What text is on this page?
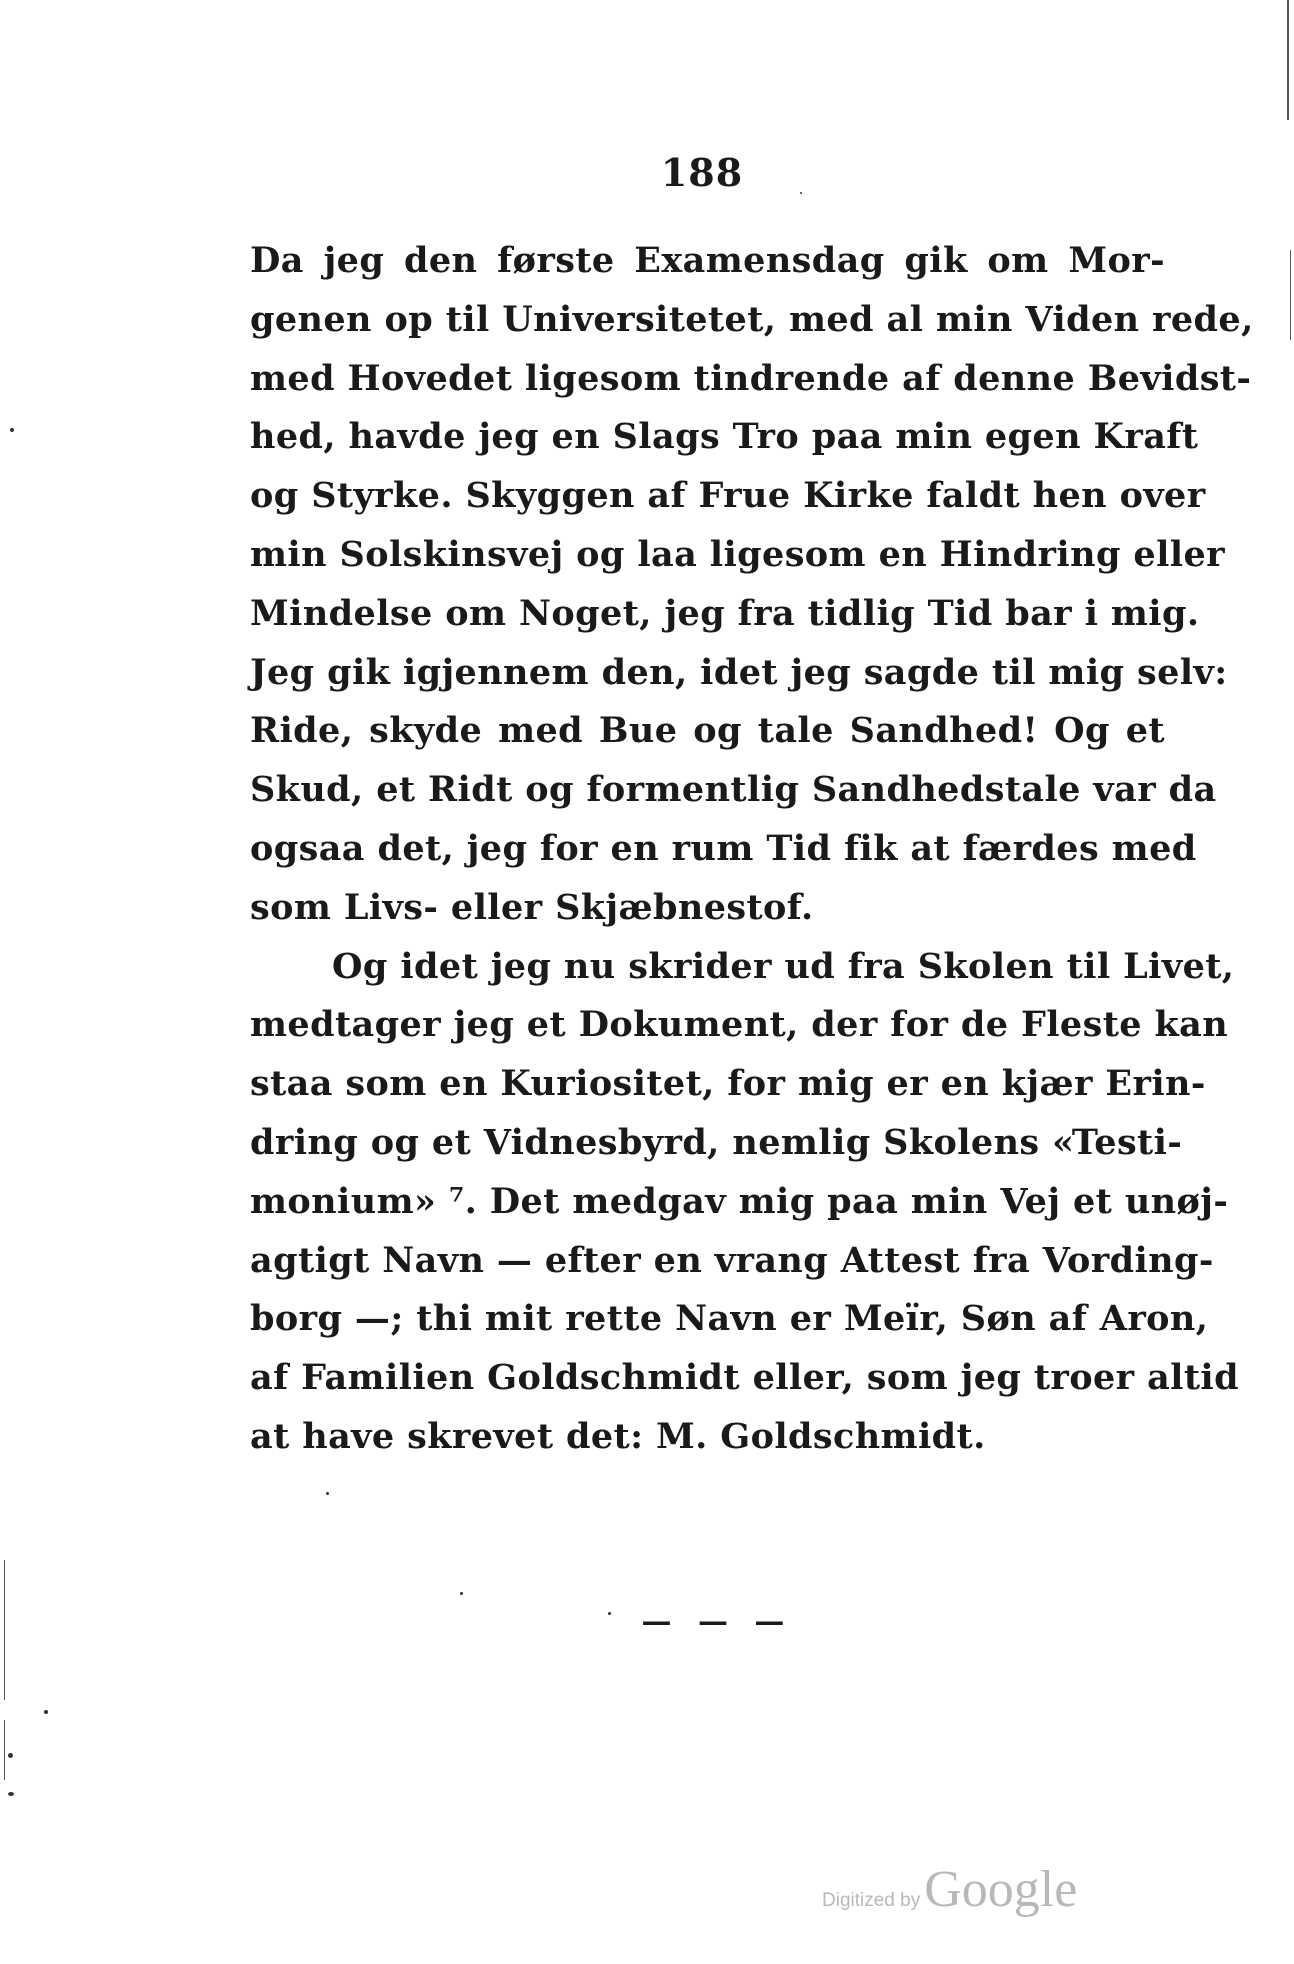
188
Da jeg den første Examensdag gik om Mor-
genen op til Universitetet, med al min Viden rede,
med Hovedet ligesom tindrende af denne Bevidst-
hed, havde jeg en Slags Tro paa min egen Kraft
og Styrke. Skyggen af Frue Kirke faldt hen over
min Solskinsvej og laa ligesom en Hindring eller
Mindelse om Noget, jeg fra tidlig Tid bar i mig.
Jeg gik igjennem den, idet jeg sagde til mig selv:
Ride, skyde med Bue og tale Sandhed! Og et
Skud, et Ridt og formentlig Sandhedstale var da
ogsaa det, jeg for en rum Tid fik at færdes med
som Livs- eller Skjæbnestof.
Og idet jeg nu skrider ud fra Skolen til Livet,
medtager jeg et Dokument, der for de Fleste kan
staa som en Kuriositet, for mig er en kjær Erin-
dring og et Vidnesbyrd, nemlig Skolens «Testi-
monium» ⁷. Det medgav mig paa min Vej et unøj-
agtigt Navn — efter en vrang Attest fra Vording-
borg —; thi mit rette Navn er Meïr, Søn af Aron,
af Familien Goldschmidt eller, som jeg troer altid
at have skrevet det: M. Goldschmidt.
— — —
Digitized by Google
